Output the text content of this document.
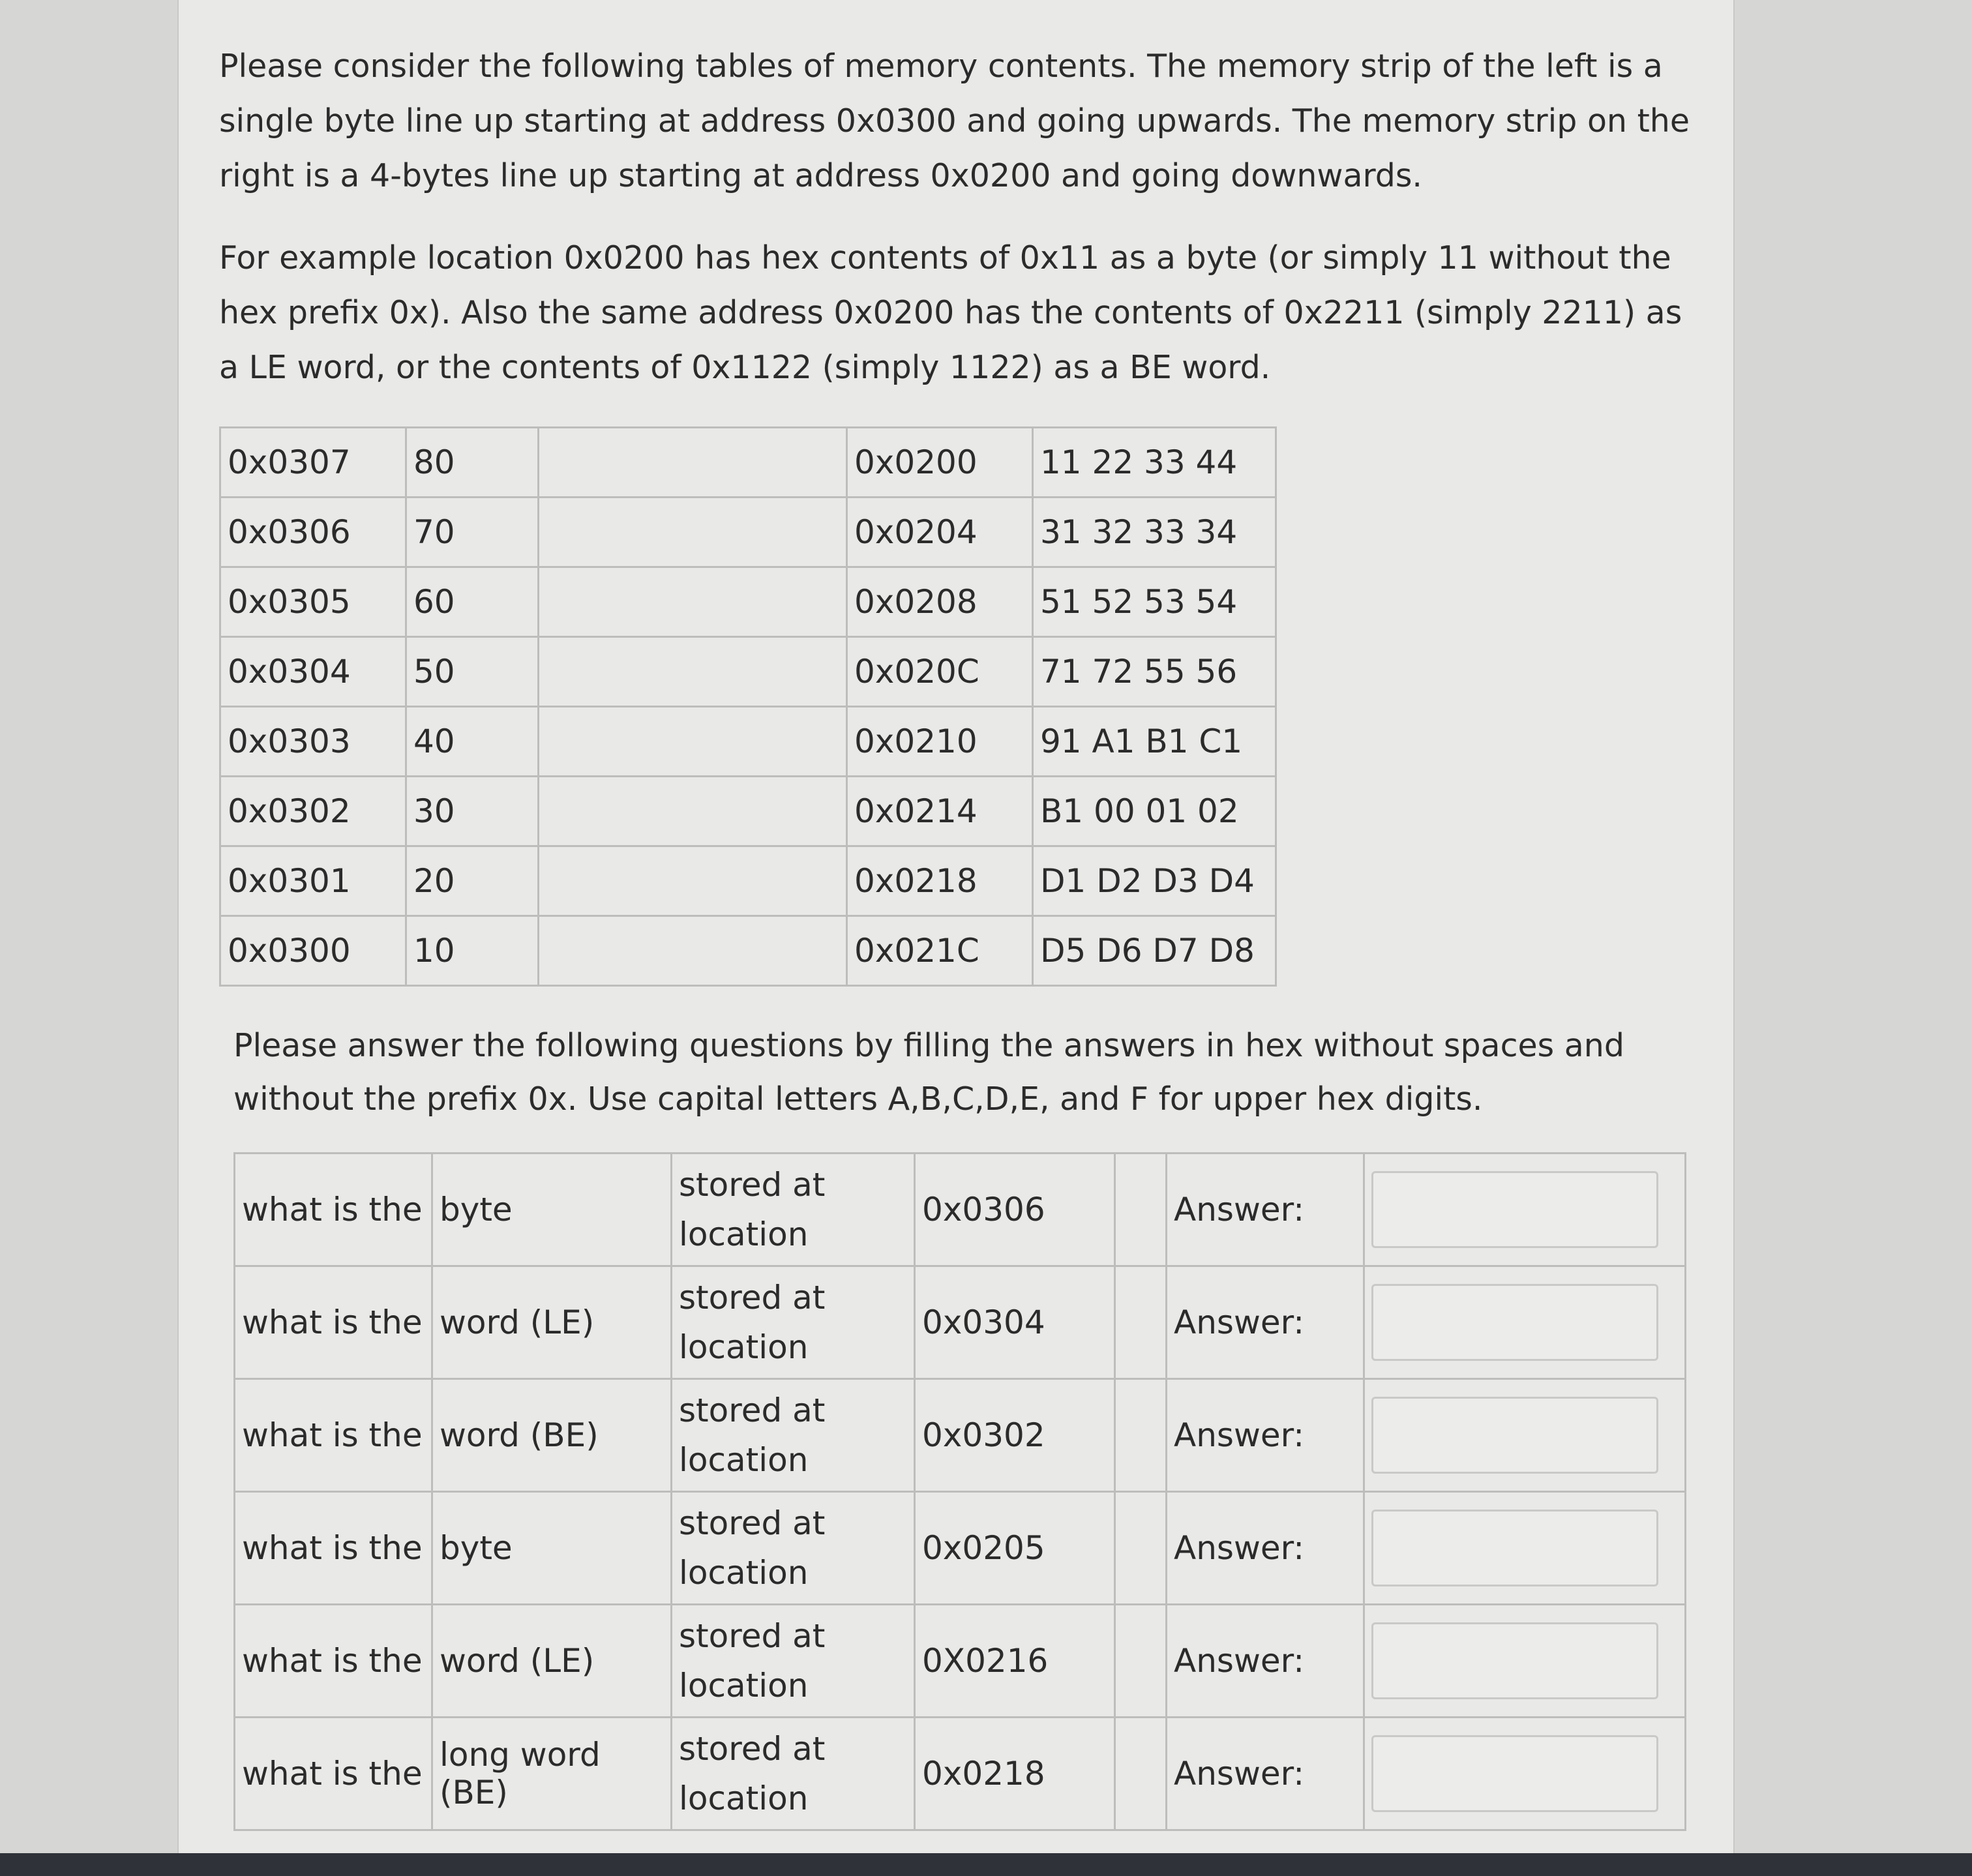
Please consider the following tables of memory contents. The memory strip of the left is a single byte line up starting at address 0x0300 and going upwards. The memory strip on the right is a 4-bytes line up starting at address 0x0200 and going downwards.

For example location 0x0200 has hex contents of 0x11 as a byte (or simply 11 without the hex prefix 0x). Also the same address 0x0200 has the contents of 0x2211 (simply 2211) as a LE word, or the contents of 0x1122 (simply 1122) as a BE word.

0x0307	80		0x0200	11 22 33 44
0x0306	70		0x0204	31 32 33 34
0x0305	60		0x0208	51 52 53 54
0x0304	50		0x020C	71 72 55 56
0x0303	40		0x0210	91 A1 B1 C1
0x0302	30		0x0214	B1 00 01 02
0x0301	20		0x0218	D1 D2 D3 D4
0x0300	10		0x021C	D5 D6 D7 D8

Please answer the following questions by filling the answers in hex without spaces and without the prefix 0x. Use capital letters A,B,C,D,E, and F for upper hex digits.

what is the	byte	stored at location	0x0306		Answer:	

what is the	word (LE)	stored at location	0x0304		Answer:	

what is the	word (BE)	stored at location	0x0302		Answer:	

what is the	byte	stored at location	0x0205		Answer:	

what is the	word (LE)	stored at location	0X0216		Answer:	

what is the	long word (BE)	stored at location	0x0218		Answer:	
